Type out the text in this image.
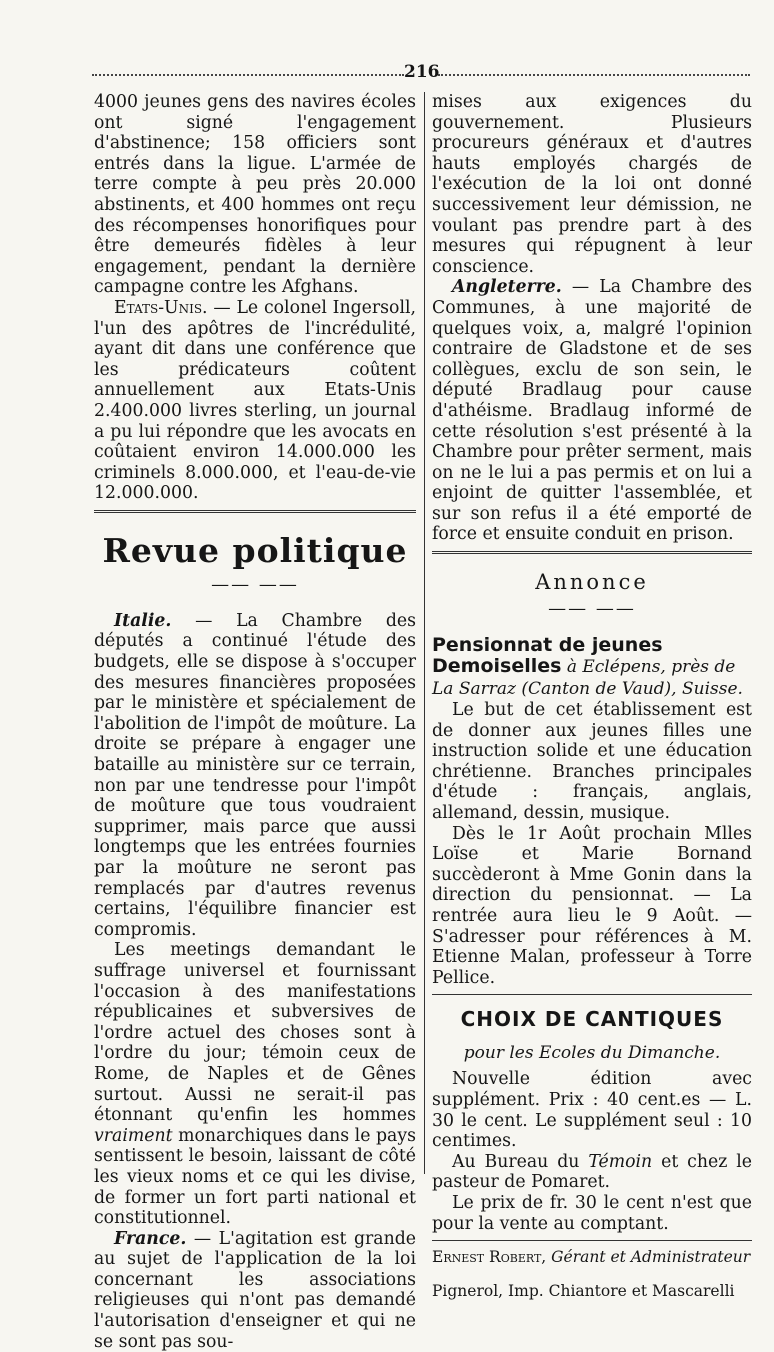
216

4000 jeunes gens des navires écoles ont signé l'engagement d'abstinence; 158 officiers sont entrés dans la ligue. L'armée de terre compte à peu près 20.000 abstinents, et 400 hommes ont reçu des récompenses honorifiques pour être demeurés fidèles à leur engagement, pendant la dernière campagne contre les Afghans.

Etats-Unis. — Le colonel Ingersoll, l'un des apôtres de l'incrédulité, ayant dit dans une conférence que les prédicateurs coûtent annuellement aux Etats-Unis 2.400.000 livres sterling, un journal a pu lui répondre que les avocats en coûtaient environ 14.000.000 les criminels 8.000.000, et l'eau-de-vie 12.000.000.

Revue politique
—— ——

Italie. — La Chambre des députés a continué l'étude des budgets, elle se dispose à s'occuper des mesures financières proposées par le ministère et spécialement de l'abolition de l'impôt de moûture. La droite se prépare à engager une bataille au ministère sur ce terrain, non par une tendresse pour l'impôt de moûture que tous voudraient supprimer, mais parce que aussi longtemps que les entrées fournies par la moûture ne seront pas remplacés par d'autres revenus certains, l'équilibre financier est compromis.

Les meetings demandant le suffrage universel et fournissant l'occasion à des manifestations républicaines et subversives de l'ordre actuel des choses sont à l'ordre du jour; témoin ceux de Rome, de Naples et de Gênes surtout. Aussi ne serait-il pas étonnant qu'enfin les hommes vraiment monarchiques dans le pays sentissent le besoin, laissant de côté les vieux noms et ce qui les divise, de former un fort parti national et constitutionnel.

France. — L'agitation est grande au sujet de l'application de la loi concernant les associations religieuses qui n'ont pas demandé l'autorisation d'enseigner et qui ne se sont pas sou-

mises aux exigences du gouvernement. Plusieurs procureurs généraux et d'autres hauts employés chargés de l'exécution de la loi ont donné successivement leur démission, ne voulant pas prendre part à des mesures qui répugnent à leur conscience.

Angleterre. — La Chambre des Communes, à une majorité de quelques voix, a, malgré l'opinion contraire de Gladstone et de ses collègues, exclu de son sein, le député Bradlaug pour cause d'athéisme. Bradlaug informé de cette résolution s'est présenté à la Chambre pour prêter serment, mais on ne le lui a pas permis et on lui a enjoint de quitter l'assemblée, et sur son refus il a été emporté de force et ensuite conduit en prison.

Annonce
—— ——
Pensionnat de jeunes Demoiselles à Eclépens, près de La Sarraz (Canton de Vaud), Suisse.

Le but de cet établissement est de donner aux jeunes filles une instruction solide et une éducation chrétienne. Branches principales d'étude : français, anglais, allemand, dessin, musique.

Dès le 1r Août prochain Mlles Loïse et Marie Bornand succèderont à Mme Gonin dans la direction du pensionnat. — La rentrée aura lieu le 9 Août. — S'adresser pour références à M. Etienne Malan, professeur à Torre Pellice.

CHOIX DE CANTIQUES
pour les Ecoles du Dimanche.

Nouvelle édition avec supplément. Prix : 40 cent.es — L. 30 le cent. Le supplément seul : 10 centimes.

Au Bureau du Témoin et chez le pasteur de Pomaret.

Le prix de fr. 30 le cent n'est que pour la vente au comptant.

Ernest Robert, Gérant et Administrateur
Pignerol, Imp. Chiantore et Mascarelli
